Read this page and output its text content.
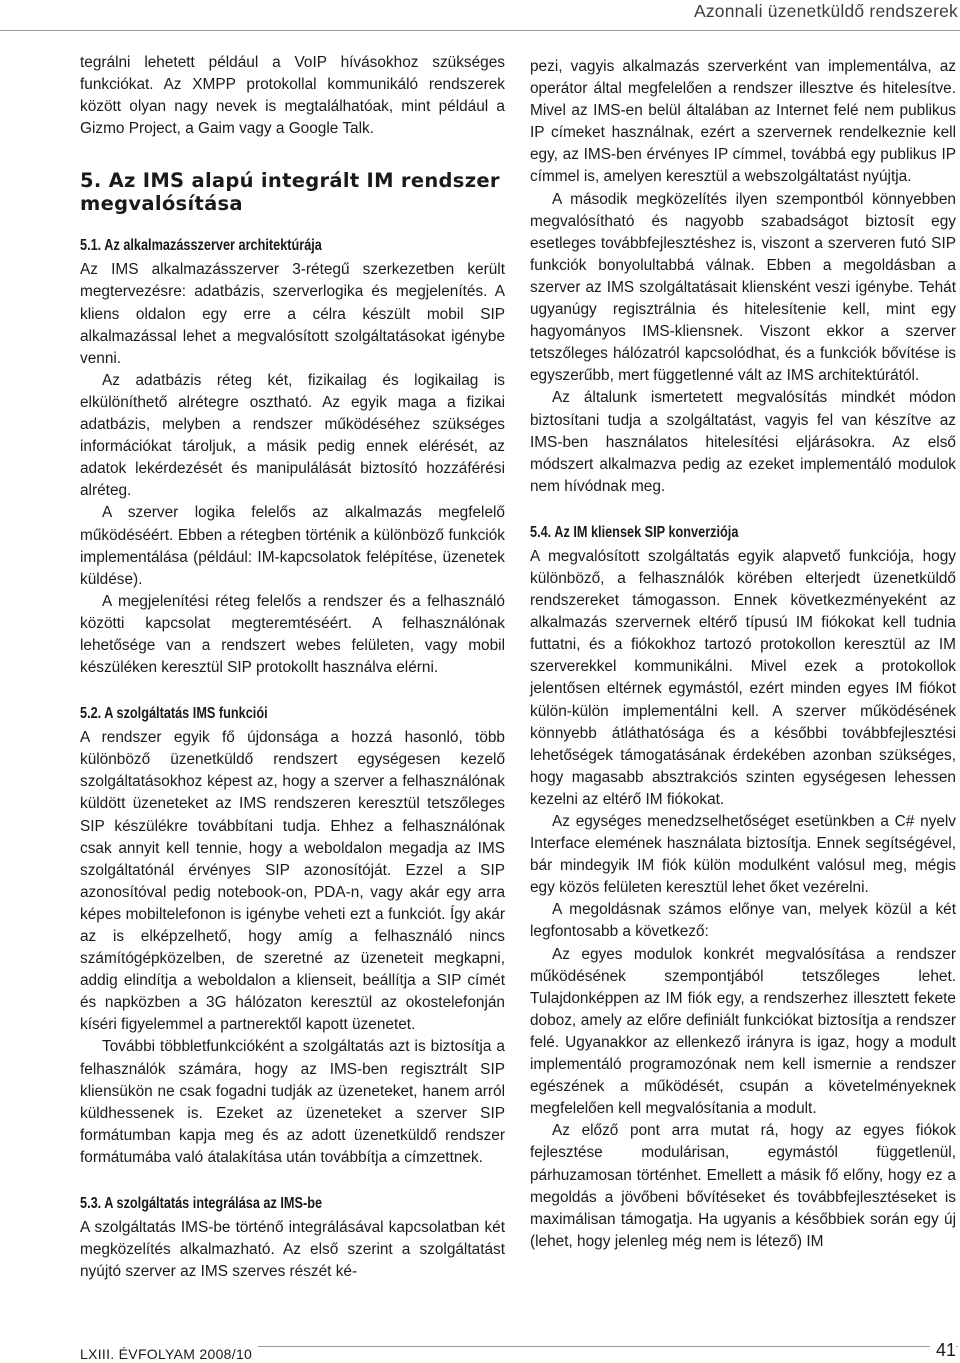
Azonnali üzenetküldő rendszerek

tegrálni lehetett például a VoIP hívásokhoz szükséges funkciókat. Az XMPP protokollal kommunikáló rendszerek között olyan nagy nevek is megtalálhatóak, mint például a Gizmo Project, a Gaim vagy a Google Talk.

5. Az IMS alapú integrált IM rendszer megvalósítása
5.1. Az alkalmazásszerver architektúrája

Az IMS alkalmazásszerver 3-rétegű szerkezetben került megtervezésre: adatbázis, szerverlogika és megjelenítés. A kliens oldalon egy erre a célra készült mobil SIP alkalmazással lehet a megvalósított szolgáltatásokat igénybe venni.

Az adatbázis réteg két, fizikailag és logikailag is elkülöníthető alrétegre osztható. Az egyik maga a fizikai adatbázis, melyben a rendszer működéséhez szükséges információkat tároljuk, a másik pedig ennek elérését, az adatok lekérdezését és manipulálását biztosító hozzáférési alréteg.

A szerver logika felelős az alkalmazás megfelelő működéséért. Ebben a rétegben történik a különböző funkciók implementálása (például: IM-kapcsolatok felépítése, üzenetek küldése).

A megjelenítési réteg felelős a rendszer és a felhasználó közötti kapcsolat megteremtéséért. A felhasználónak lehetősége van a rendszert webes felületen, vagy mobil készüléken keresztül SIP protokollt használva elérni.

5.2. A szolgáltatás IMS funkciói

A rendszer egyik fő újdonsága a hozzá hasonló, több különböző üzenetküldő rendszert egységesen kezelő szolgáltatásokhoz képest az, hogy a szerver a felhasználónak küldött üzeneteket az IMS rendszeren keresztül tetszőleges SIP készülékre továbbítani tudja. Ehhez a felhasználónak csak annyit kell tennie, hogy a weboldalon megadja az IMS szolgáltatónál érvényes SIP azonosítóját. Ezzel a SIP azonosítóval pedig notebook-on, PDA-n, vagy akár egy arra képes mobiltelefonon is igénybe veheti ezt a funkciót. Így akár az is elképzelhető, hogy amíg a felhasználó nincs számítógépközelben, de szeretné az üzeneteit megkapni, addig elindítja a weboldalon a klienseit, beállítja a SIP címét és napközben a 3G hálózaton keresztül az okostelefonján kíséri figyelemmel a partnerektől kapott üzenetet.

További többletfunkcióként a szolgáltatás azt is biztosítja a felhasználók számára, hogy az IMS-ben regisztrált SIP kliensükön ne csak fogadni tudják az üzeneteket, hanem arról küldhessenek is. Ezeket az üzeneteket a szerver SIP formátumban kapja meg és az adott üzenetküldő rendszer formátumába való átalakítása után továbbítja a címzettnek.

5.3. A szolgáltatás integrálása az IMS-be

A szolgáltatás IMS-be történő integrálásával kapcsolatban két megközelítés alkalmazható. Az első szerint a szolgáltatást nyújtó szerver az IMS szerves részét ké-

pezi, vagyis alkalmazás szerverként van implementálva, az operátor által megfelelően a rendszer illesztve és hitelesítve. Mivel az IMS-en belül általában az Internet felé nem publikus IP címeket használnak, ezért a szervernek rendelkeznie kell egy, az IMS-ben érvényes IP címmel, továbbá egy publikus IP címmel is, amelyen keresztül a webszolgáltatást nyújtja.

A második megközelítés ilyen szempontból könnyebben megvalósítható és nagyobb szabadságot biztosít egy esetleges továbbfejlesztéshez is, viszont a szerveren futó SIP funkciók bonyolultabbá válnak. Ebben a megoldásban a szerver az IMS szolgáltatásait kliensként veszi igénybe. Tehát ugyanúgy regisztrálnia és hitelesítenie kell, mint egy hagyományos IMS-kliensnek. Viszont ekkor a szerver tetszőleges hálózatról kapcsolódhat, és a funkciók bővítése is egyszerűbb, mert függetlenné vált az IMS architektúrától.

Az általunk ismertetett megvalósítás mindkét módon biztosítani tudja a szolgáltatást, vagyis fel van készítve az IMS-ben használatos hitelesítési eljárásokra. Az első módszert alkalmazva pedig az ezeket implementáló modulok nem hívódnak meg.

5.4. Az IM kliensek SIP konverziója

A megvalósított szolgáltatás egyik alapvető funkciója, hogy különböző, a felhasználók körében elterjedt üzenetküldő rendszereket támogasson. Ennek következményeként az alkalmazás szervernek eltérő típusú IM fiókokat kell tudnia futtatni, és a fiókokhoz tartozó protokollon keresztül az IM szerverekkel kommunikálni. Mivel ezek a protokollok jelentősen eltérnek egymástól, ezért minden egyes IM fiókot külön-külön implementálni kell. A szerver működésének könnyebb átláthatósága és a későbbi továbbfejlesztési lehetőségek támogatásának érdekében azonban szükséges, hogy magasabb absztrakciós szinten egységesen lehessen kezelni az eltérő IM fiókokat.

Az egységes menedzselhetőséget esetünkben a C# nyelv Interface elemének használata biztosítja. Ennek segítségével, bár mindegyik IM fiók külön modulként valósul meg, mégis egy közös felületen keresztül lehet őket vezérelni.

A megoldásnak számos előnye van, melyek közül a két legfontosabb a következő:

Az egyes modulok konkrét megvalósítása a rendszer működésének szempontjából tetszőleges lehet. Tulajdonképpen az IM fiók egy, a rendszerhez illesztett fekete doboz, amely az előre definiált funkciókat biztosítja a rendszer felé. Ugyanakkor az ellenkező irányra is igaz, hogy a modult implementáló programozónak nem kell ismernie a rendszer egészének a működését, csupán a követelményeknek megfelelően kell megvalósítania a modult.

Az előző pont arra mutat rá, hogy az egyes fiókok fejlesztése modulárisan, egymástól függetlenül, párhuzamosan történhet. Emellett a másik fő előny, hogy ez a megoldás a jövőbeni bővítéseket és továbbfejlesztéseket is maximálisan támogatja. Ha ugyanis a későbbiek során egy új (lehet, hogy jelenleg még nem is létező) IM

LXIII. ÉVFOLYAM 2008/10	41
